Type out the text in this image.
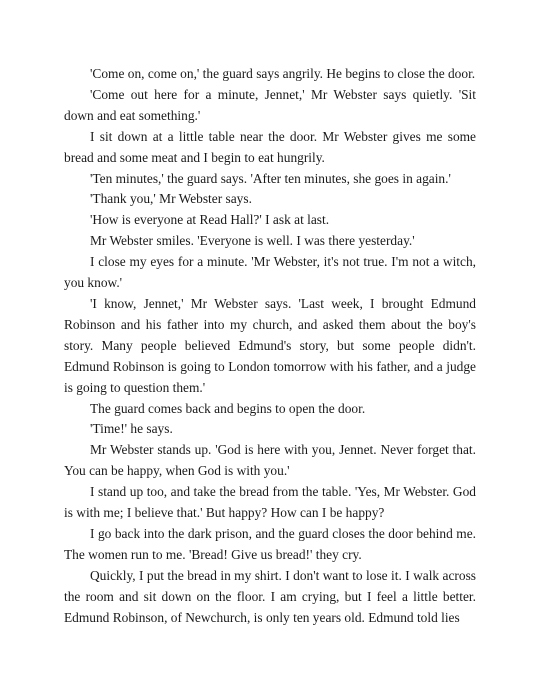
'Come on, come on,' the guard says angrily. He begins to close the door.

'Come out here for a minute, Jennet,' Mr Webster says quietly. 'Sit down and eat something.'

I sit down at a little table near the door. Mr Webster gives me some bread and some meat and I begin to eat hungrily.

'Ten minutes,' the guard says. 'After ten minutes, she goes in again.'

'Thank you,' Mr Webster says.

'How is everyone at Read Hall?' I ask at last.

Mr Webster smiles. 'Everyone is well. I was there yesterday.'

I close my eyes for a minute. 'Mr Webster, it's not true. I'm not a witch, you know.'

'I know, Jennet,' Mr Webster says. 'Last week, I brought Edmund Robinson and his father into my church, and asked them about the boy's story. Many people believed Edmund's story, but some people didn't. Edmund Robinson is going to London tomorrow with his father, and a judge is going to question them.'

The guard comes back and begins to open the door.

'Time!' he says.

Mr Webster stands up. 'God is here with you, Jennet. Never forget that. You can be happy, when God is with you.'

I stand up too, and take the bread from the table. 'Yes, Mr Webster. God is with me; I believe that.' But happy? How can I be happy?

I go back into the dark prison, and the guard closes the door behind me. The women run to me. 'Bread! Give us bread!' they cry.

Quickly, I put the bread in my shirt. I don't want to lose it. I walk across the room and sit down on the floor. I am crying, but I feel a little better. Edmund Robinson, of Newchurch, is only ten years old. Edmund told lies
